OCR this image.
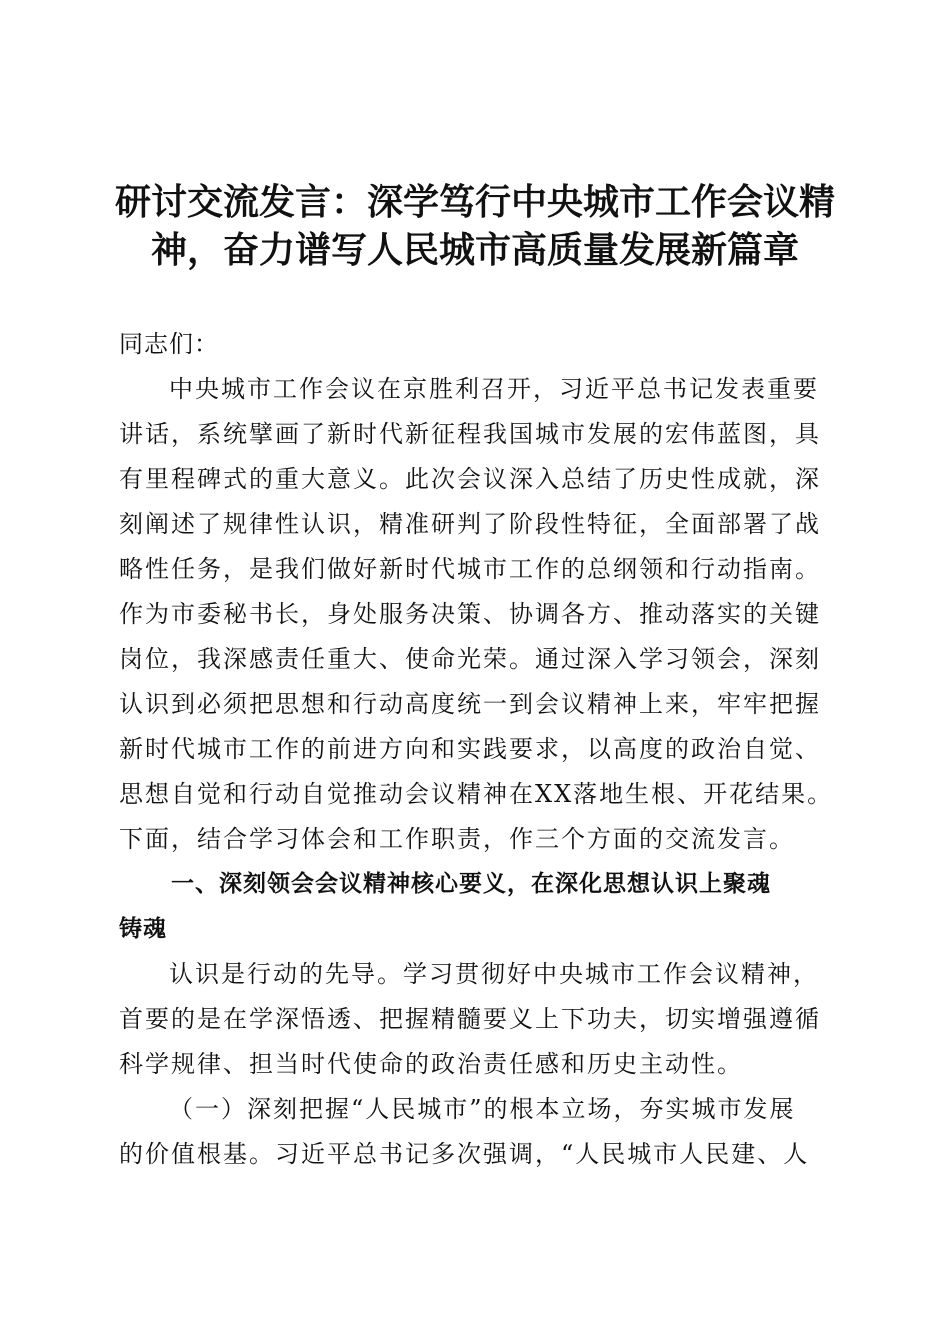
研讨交流发言：深学笃行中央城市工作会议精
神，奋力谱写人民城市高质量发展新篇章

同志们：

中央城市工作会议在京胜利召开，习近平总书记发表重要
讲话，系统擘画了新时代新征程我国城市发展的宏伟蓝图，具
有里程碑式的重大意义。此次会议深入总结了历史性成就，深
刻阐述了规律性认识，精准研判了阶段性特征，全面部署了战
略性任务，是我们做好新时代城市工作的总纲领和行动指南。
作为市委秘书长，身处服务决策、协调各方、推动落实的关键
岗位，我深感责任重大、使命光荣。通过深入学习领会，深刻
认识到必须把思想和行动高度统一到会议精神上来，牢牢把握
新时代城市工作的前进方向和实践要求，以高度的政治自觉、
思想自觉和行动自觉推动会议精神在XX落地生根、开花结果。
下面，结合学习体会和工作职责，作三个方面的交流发言。
一、深刻领会会议精神核心要义，在深化思想认识上聚魂
铸魂
认识是行动的先导。学习贯彻好中央城市工作会议精神，
首要的是在学深悟透、把握精髓要义上下功夫，切实增强遵循
科学规律、担当时代使命的政治责任感和历史主动性。
（一）深刻把握“人民城市”的根本立场，夯实城市发展
的价值根基。习近平总书记多次强调，“人民城市人民建、人
